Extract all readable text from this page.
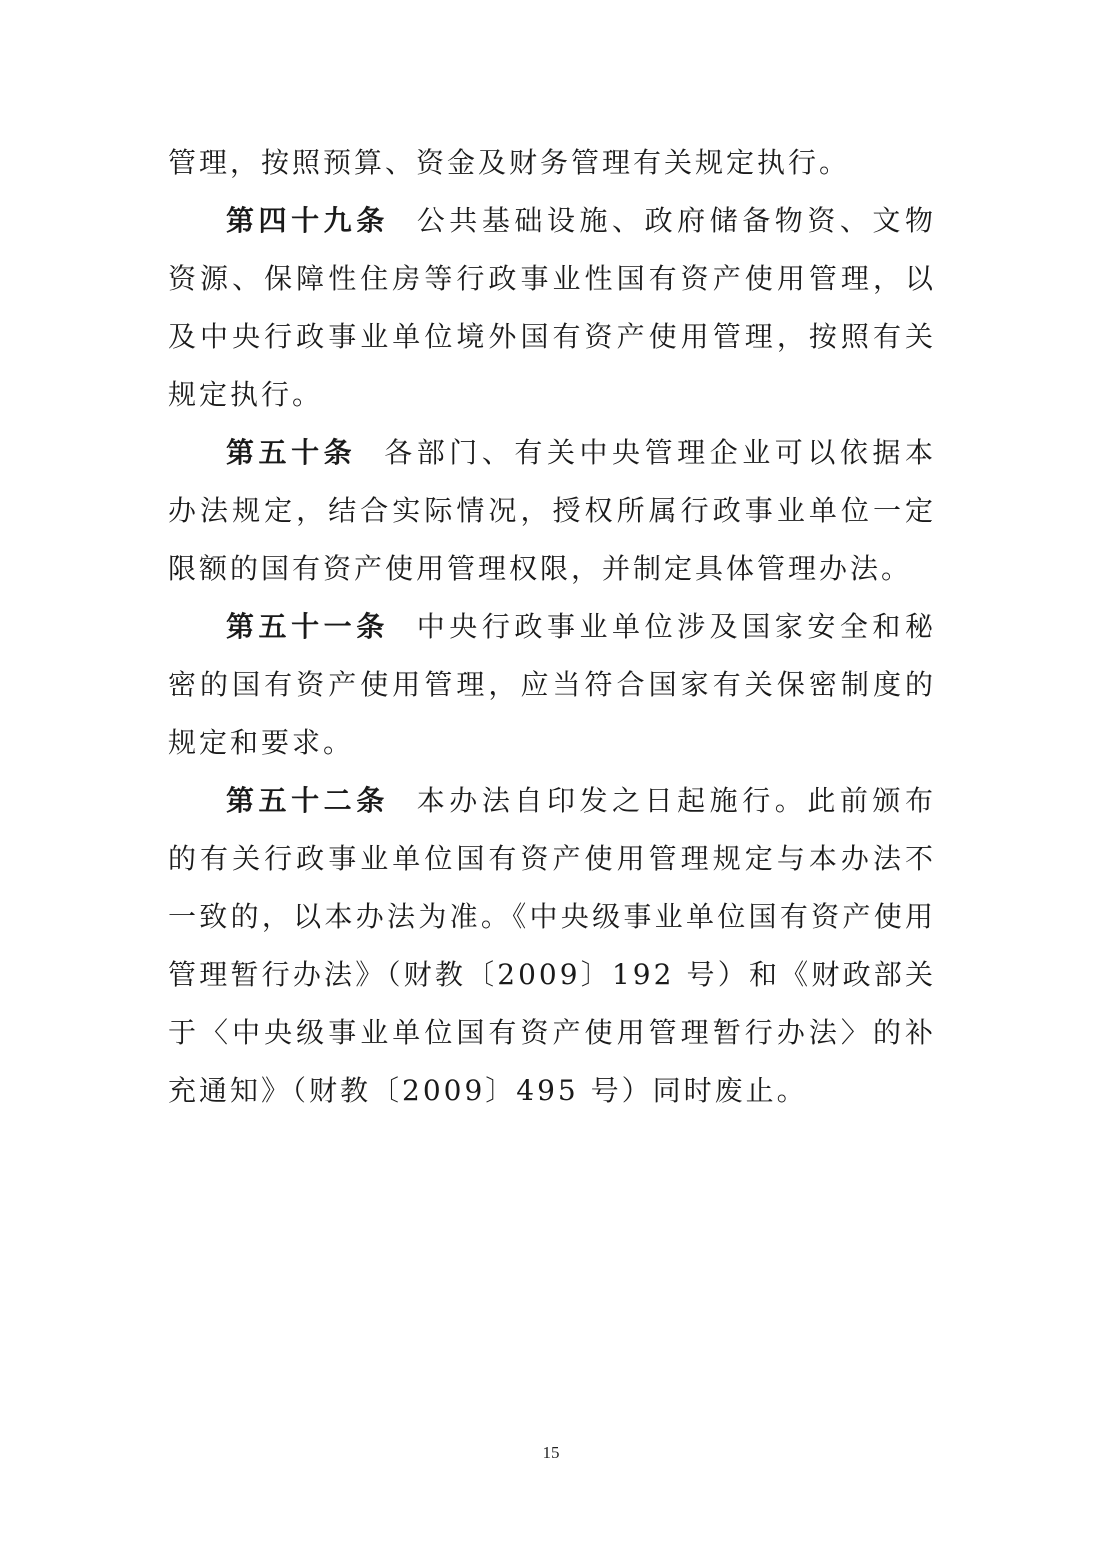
管理，按照预算、资金及财务管理有关规定执行。

第四十九条 公共基础设施、政府储备物资、文物资源、保障性住房等行政事业性国有资产使用管理，以及中央行政事业单位境外国有资产使用管理，按照有关规定执行。

第五十条 各部门、有关中央管理企业可以依据本办法规定，结合实际情况，授权所属行政事业单位一定限额的国有资产使用管理权限，并制定具体管理办法。

第五十一条 中央行政事业单位涉及国家安全和秘密的国有资产使用管理，应当符合国家有关保密制度的规定和要求。

第五十二条 本办法自印发之日起施行。此前颁布的有关行政事业单位国有资产使用管理规定与本办法不一致的，以本办法为准。《中央级事业单位国有资产使用管理暂行办法》（财教〔2009〕192 号）和《财政部关于〈中央级事业单位国有资产使用管理暂行办法〉的补充通知》（财教〔2009〕495 号）同时废止。

15
